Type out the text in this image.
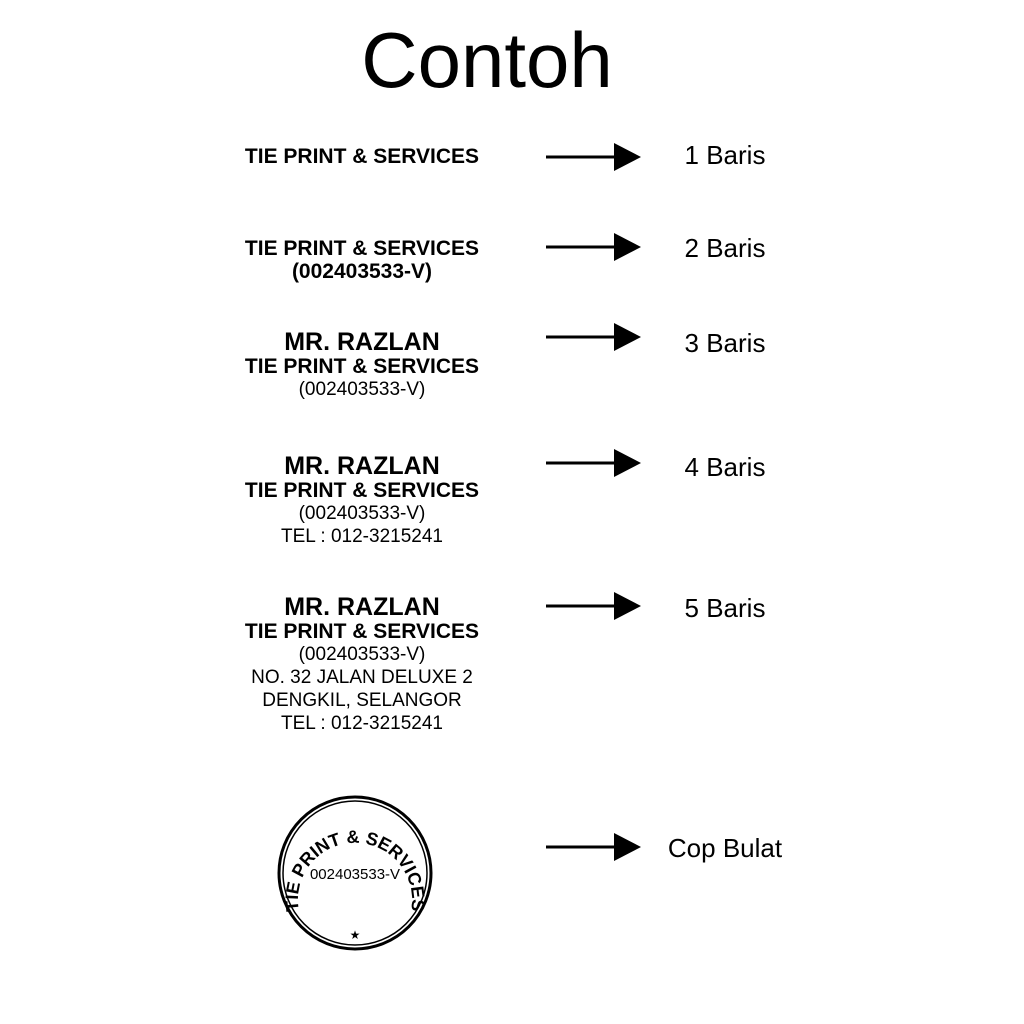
Contoh
TIE PRINT & SERVICES	1 Baris
TIE PRINT & SERVICES
(002403533-V)
2 Baris
MR. RAZLAN
TIE PRINT & SERVICES
(002403533-V)
3 Baris
MR. RAZLAN
TIE PRINT & SERVICES
(002403533-V)
TEL : 012-3215241
4 Baris
MR. RAZLAN
TIE PRINT & SERVICES
(002403533-V)
NO. 32 JALAN DELUXE 2
DENGKIL, SELANGOR
TEL : 012-3215241
5 Baris
TIE PRINT & SERVICES
002403533-V
★
Cop Bulat
